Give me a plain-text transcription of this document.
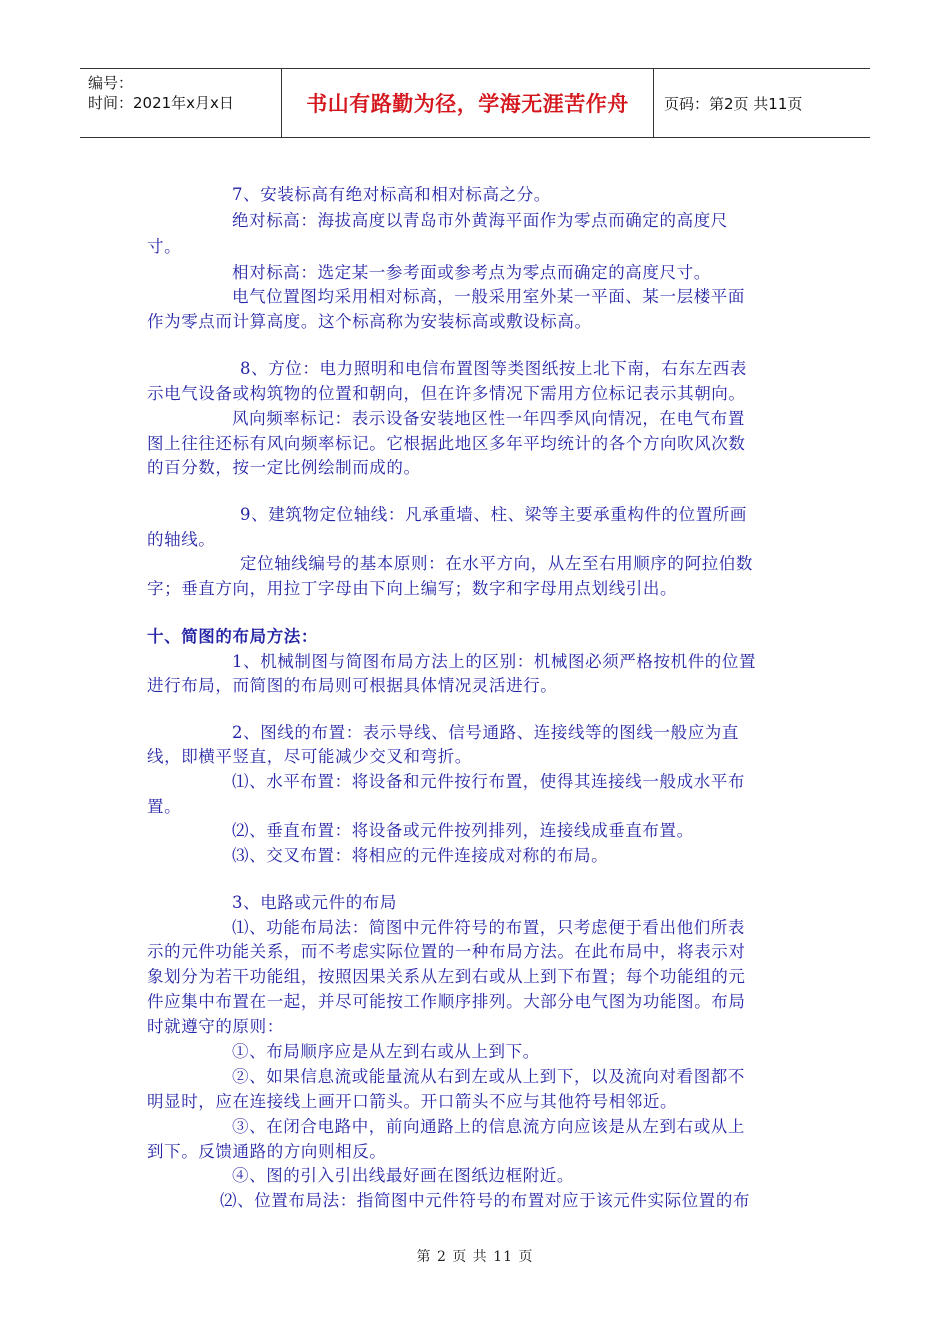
编号：
时间：2021年x月x日	书山有路勤为径，学海无涯苦作舟	页码：第2页 共11页
7、安装标高有绝对标高和相对标高之分。
绝对标高：海拔高度以青岛市外黄海平面作为零点而确定的高度尺
寸。
相对标高：选定某一参考面或参考点为零点而确定的高度尺寸。
电气位置图均采用相对标高，一般采用室外某一平面、某一层楼平面
作为零点而计算高度。这个标高称为安装标高或敷设标高。
8、方位：电力照明和电信布置图等类图纸按上北下南，右东左西表
示电气设备或构筑物的位置和朝向，但在许多情况下需用方位标记表示其朝向。
风向频率标记：表示设备安装地区性一年四季风向情况，在电气布置
图上往往还标有风向频率标记。它根据此地区多年平均统计的各个方向吹风次数
的百分数，按一定比例绘制而成的。
9、建筑物定位轴线：凡承重墙、柱、梁等主要承重构件的位置所画
的轴线。
定位轴线编号的基本原则：在水平方向，从左至右用顺序的阿拉伯数
字；垂直方向，用拉丁字母由下向上编写；数字和字母用点划线引出。
十、简图的布局方法：
1、机械制图与简图布局方法上的区别：机械图必须严格按机件的位置
进行布局，而简图的布局则可根据具体情况灵活进行。
2、图线的布置：表示导线、信号通路、连接线等的图线一般应为直
线，即横平竖直，尽可能减少交叉和弯折。
⑴、水平布置：将设备和元件按行布置，使得其连接线一般成水平布
置。
⑵、垂直布置：将设备或元件按列排列，连接线成垂直布置。
⑶、交叉布置：将相应的元件连接成对称的布局。
3、电路或元件的布局
⑴、功能布局法：简图中元件符号的布置，只考虑便于看出他们所表
示的元件功能关系，而不考虑实际位置的一种布局方法。在此布局中，将表示对
象划分为若干功能组，按照因果关系从左到右或从上到下布置；每个功能组的元
件应集中布置在一起，并尽可能按工作顺序排列。大部分电气图为功能图。布局
时就遵守的原则：
①、布局顺序应是从左到右或从上到下。
②、如果信息流或能量流从右到左或从上到下，以及流向对看图都不
明显时，应在连接线上画开口箭头。开口箭头不应与其他符号相邻近。
③、在闭合电路中，前向通路上的信息流方向应该是从左到右或从上
到下。反馈通路的方向则相反。
④、图的引入引出线最好画在图纸边框附近。
⑵、位置布局法：指简图中元件符号的布置对应于该元件实际位置的布
第 2 页 共 11 页
